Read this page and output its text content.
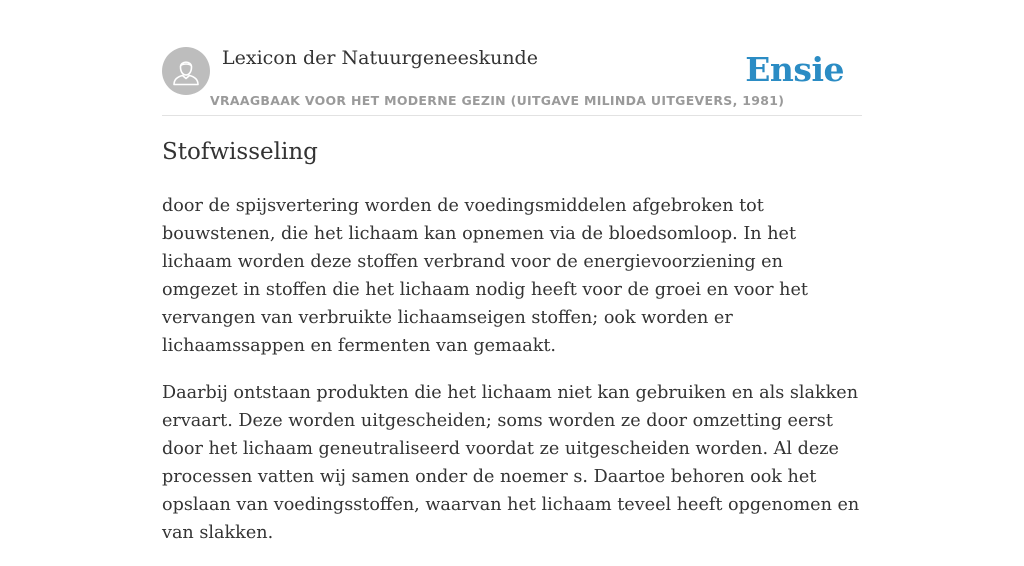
Lexicon der Natuurgeneeskunde
VRAAGBAAK VOOR HET MODERNE GEZIN (UITGAVE MILINDA UITGEVERS, 1981)
Ensie
Stofwisseling

door de spijsvertering worden de voedingsmiddelen afgebroken tot bouwstenen, die het lichaam kan opnemen via de bloedsomloop. In het lichaam worden deze stoffen verbrand voor de energievoorziening en omgezet in stoffen die het lichaam nodig heeft voor de groei en voor het vervangen van verbruikte lichaamseigen stoffen; ook worden er lichaamssappen en fermenten van gemaakt.

Daarbij ontstaan produkten die het lichaam niet kan gebruiken en als slakken ervaart. Deze worden uitgescheiden; soms worden ze door omzetting eerst door het lichaam geneutraliseerd voordat ze uitgescheiden worden. Al deze processen vatten wij samen onder de noemer s. Daartoe behoren ook het opslaan van voedingsstoffen, waarvan het lichaam teveel heeft opgenomen en van slakken.
